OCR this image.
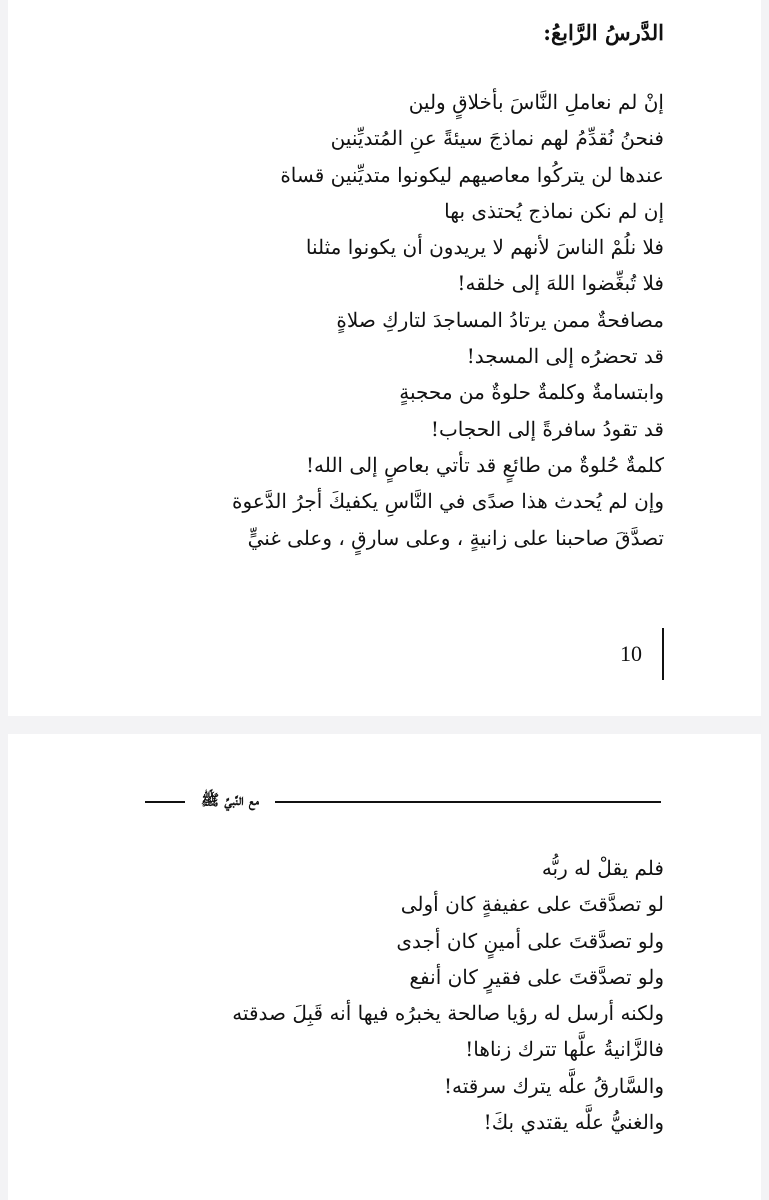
الدَّرسُ الرَّابعُ:
إنْ لم نعاملِ النَّاسَ بأخلاقٍ ولين
فنحنُ نُقدِّمُ لهم نماذجَ سيئةً عنِ المُتديِّنين
عندها لن يتركُوا معاصيهم ليكونوا متديِّنين قساة
إن لم نكن نماذج يُحتذى بها
فلا نلُمْ الناسَ لأنهم لا يريدون أن يكونوا مثلنا
فلا تُبغِّضوا اللهَ إلى خلقه!
مصافحةٌ ممن يرتادُ المساجدَ لتاركِ صلاةٍ
قد تحضرُه إلى المسجد!
وابتسامةٌ وكلمةٌ حلوةٌ من محجبةٍ
قد تقودُ سافرةً إلى الحجاب!
كلمةٌ حُلوةٌ من طائعٍ قد تأتي بعاصٍ إلى الله!
وإن لم يُحدث هذا صدًى في النَّاسِ يكفيكَ أجرُ الدَّعوة
تصدَّقَ صاحبنا على زانيةٍ ، وعلى سارقٍ ، وعلى غنيٍّ
10
مع النَّبيِّ ﷺ
فلم يقلْ له ربُّه
لو تصدَّقتَ على عفيفةٍ كان أولى
ولو تصدَّقتَ على أمينٍ كان أجدى
ولو تصدَّقتَ على فقيرٍ كان أنفع
ولكنه أرسل له رؤيا صالحة يخبرُه فيها أنه قَبِلَ صدقته
فالزَّانيةُ علَّها تترك زناها!
والسَّارقُ علَّه يترك سرقته!
والغنيُّ علَّه يقتدي بكَ!
